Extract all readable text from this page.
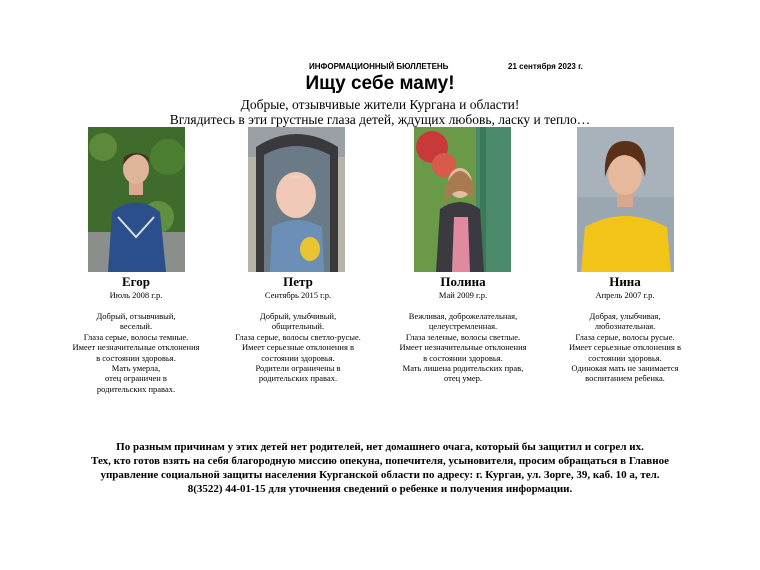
ИНФОРМАЦИОННЫЙ БЮЛЛЕТЕНЬ	21 сентября 2023 г.
Ищу себе маму!
Добрые, отзывчивые жители Кургана и области!
Вглядитесь в эти грустные глаза детей, ждущих любовь, ласку и тепло…
Егор
Июль 2008 г.р.
Добрый, отзывчивый,
веселый.
Глаза серые, волосы темные.
Имеет незначительные отклонения
в состоянии здоровья.
Мать умерла,
отец ограничен в
родительских правах.
Петр
Сентябрь 2015 г.р.
Добрый, улыбчивый,
общительный.
Глаза серые, волосы светло-русые.
Имеет серьезные отклонения в
состоянии здоровья.
Родители ограничены в
родительских правах.
Полина
Май 2009 г.р.
Вежливая, доброжелательная,
целеустремленная.
Глаза зеленые, волосы светлые.
Имеет незначительные отклонения
в состоянии здоровья.
Мать лишена родительских прав,
отец умер.
Нина
Апрель 2007 г.р.
Добрая, улыбчивая,
любознательная.
Глаза серые, волосы русые.
Имеет серьезные отклонения в
состоянии здоровья.
Одинокая мать не занимается
воспитанием ребенка.
По разным причинам у этих детей нет родителей, нет домашнего очага, который бы защитил и согрел их.
Тех, кто готов взять на себя благородную миссию опекуна, попечителя, усыновителя, просим обращаться в Главное
управление социальной защиты населения Курганской области по адресу: г. Курган, ул. Зорге, 39, каб. 10 а, тел.
8(3522) 44-01-15 для уточнения сведений о ребенке и получения информации.
